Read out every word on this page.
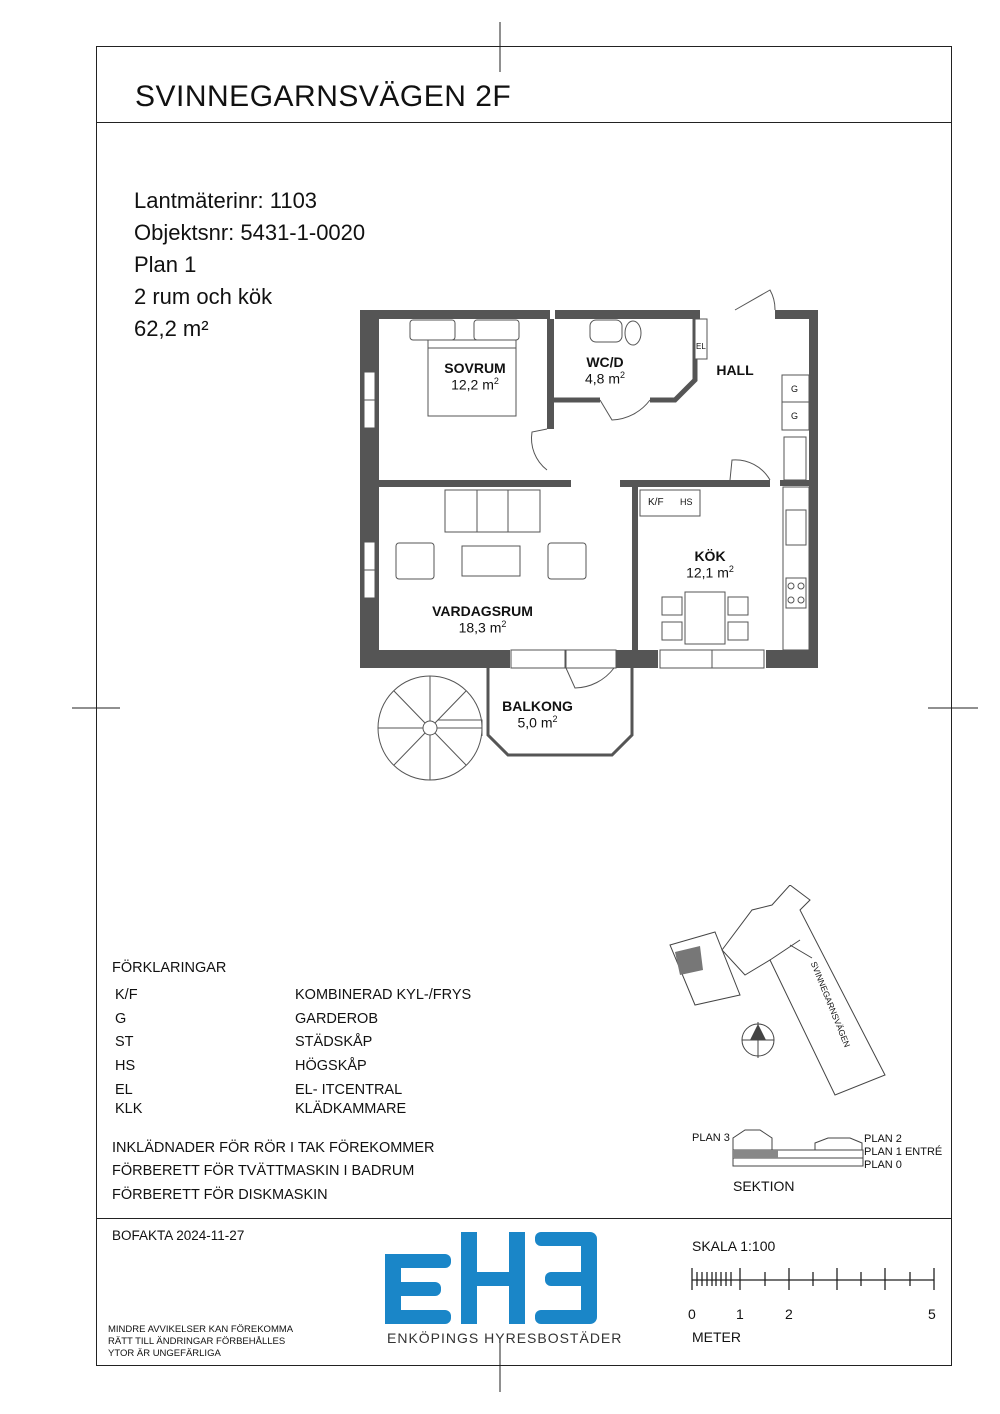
SVINNEGARNSVÄGEN 2F
Lantmäterinr: 1103
Objektsnr: 5431-1-0020
Plan 1
2 rum och kök
62,2 m²
SOVRUM
12,2 $m^2$
WC/D
4,8 $m^2$	HALL
KÖK
12,1 $m^2$
VARDAGSRUM
18,3 $m^2$
BALKONG
5,0 $m^2$
K/F HS
EL
G
G
SVINNEGARNSVÄGEN
FÖRKLARINGAR
K/F	KOMBINERAD KYL-/FRYS
G	GARDEROB
ST	STÄDSKÅP
HS	HÖGSKÅP
EL	EL- ITCENTRAL
KLK	KLÄDKAMMARE
INKLÄDNADER FÖR RÖR I TAK FÖREKOMMER
FÖRBERETT FÖR TVÄTTMASKIN I BADRUM
FÖRBERETT FÖR DISKMASKIN
PLAN 3	PLAN 2
PLAN 1 ENTRÉ
PLAN 0
SEKTION
BOFAKTA 2024-11-27
MINDRE AVVIKELSER KAN FÖREKOMMA
RÄTT TILL ÄNDRINGAR FÖRBEHÅLLES
YTOR ÄR UNGEFÄRLIGA
ENKÖPINGS HYRESBOSTÄDER
SKALA 1:100
0	1	2	5
METER
